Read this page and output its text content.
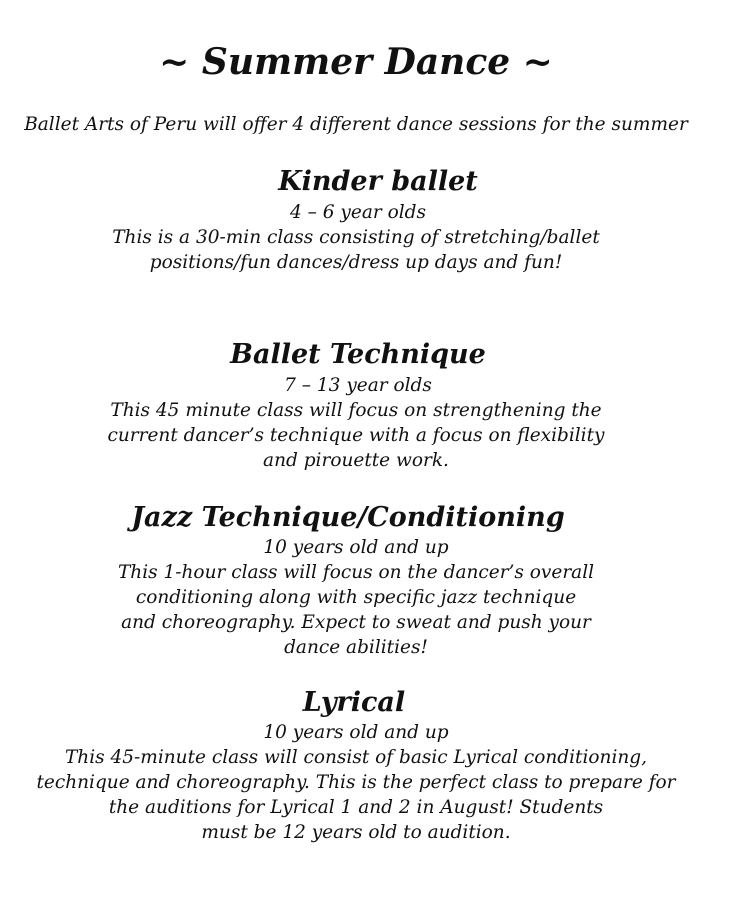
~ Summer Dance ~

Ballet Arts of Peru will offer 4 different dance sessions for the summer

Kinder ballet

4 – 6 year olds

This is a 30-min class consisting of stretching/ballet

positions/fun dances/dress up days and fun!

Ballet Technique

7 – 13 year olds

This 45 minute class will focus on strengthening the

current dancer’s technique with a focus on flexibility

and pirouette work.

Jazz Technique/Conditioning

10 years old and up

This 1-hour class will focus on the dancer’s overall

conditioning along with specific jazz technique

and choreography. Expect to sweat and push your

dance abilities!

Lyrical

10 years old and up

This 45-minute class will consist of basic Lyrical conditioning,

technique and choreography. This is the perfect class to prepare for

the auditions for Lyrical 1 and 2 in August! Students

must be 12 years old to audition.
